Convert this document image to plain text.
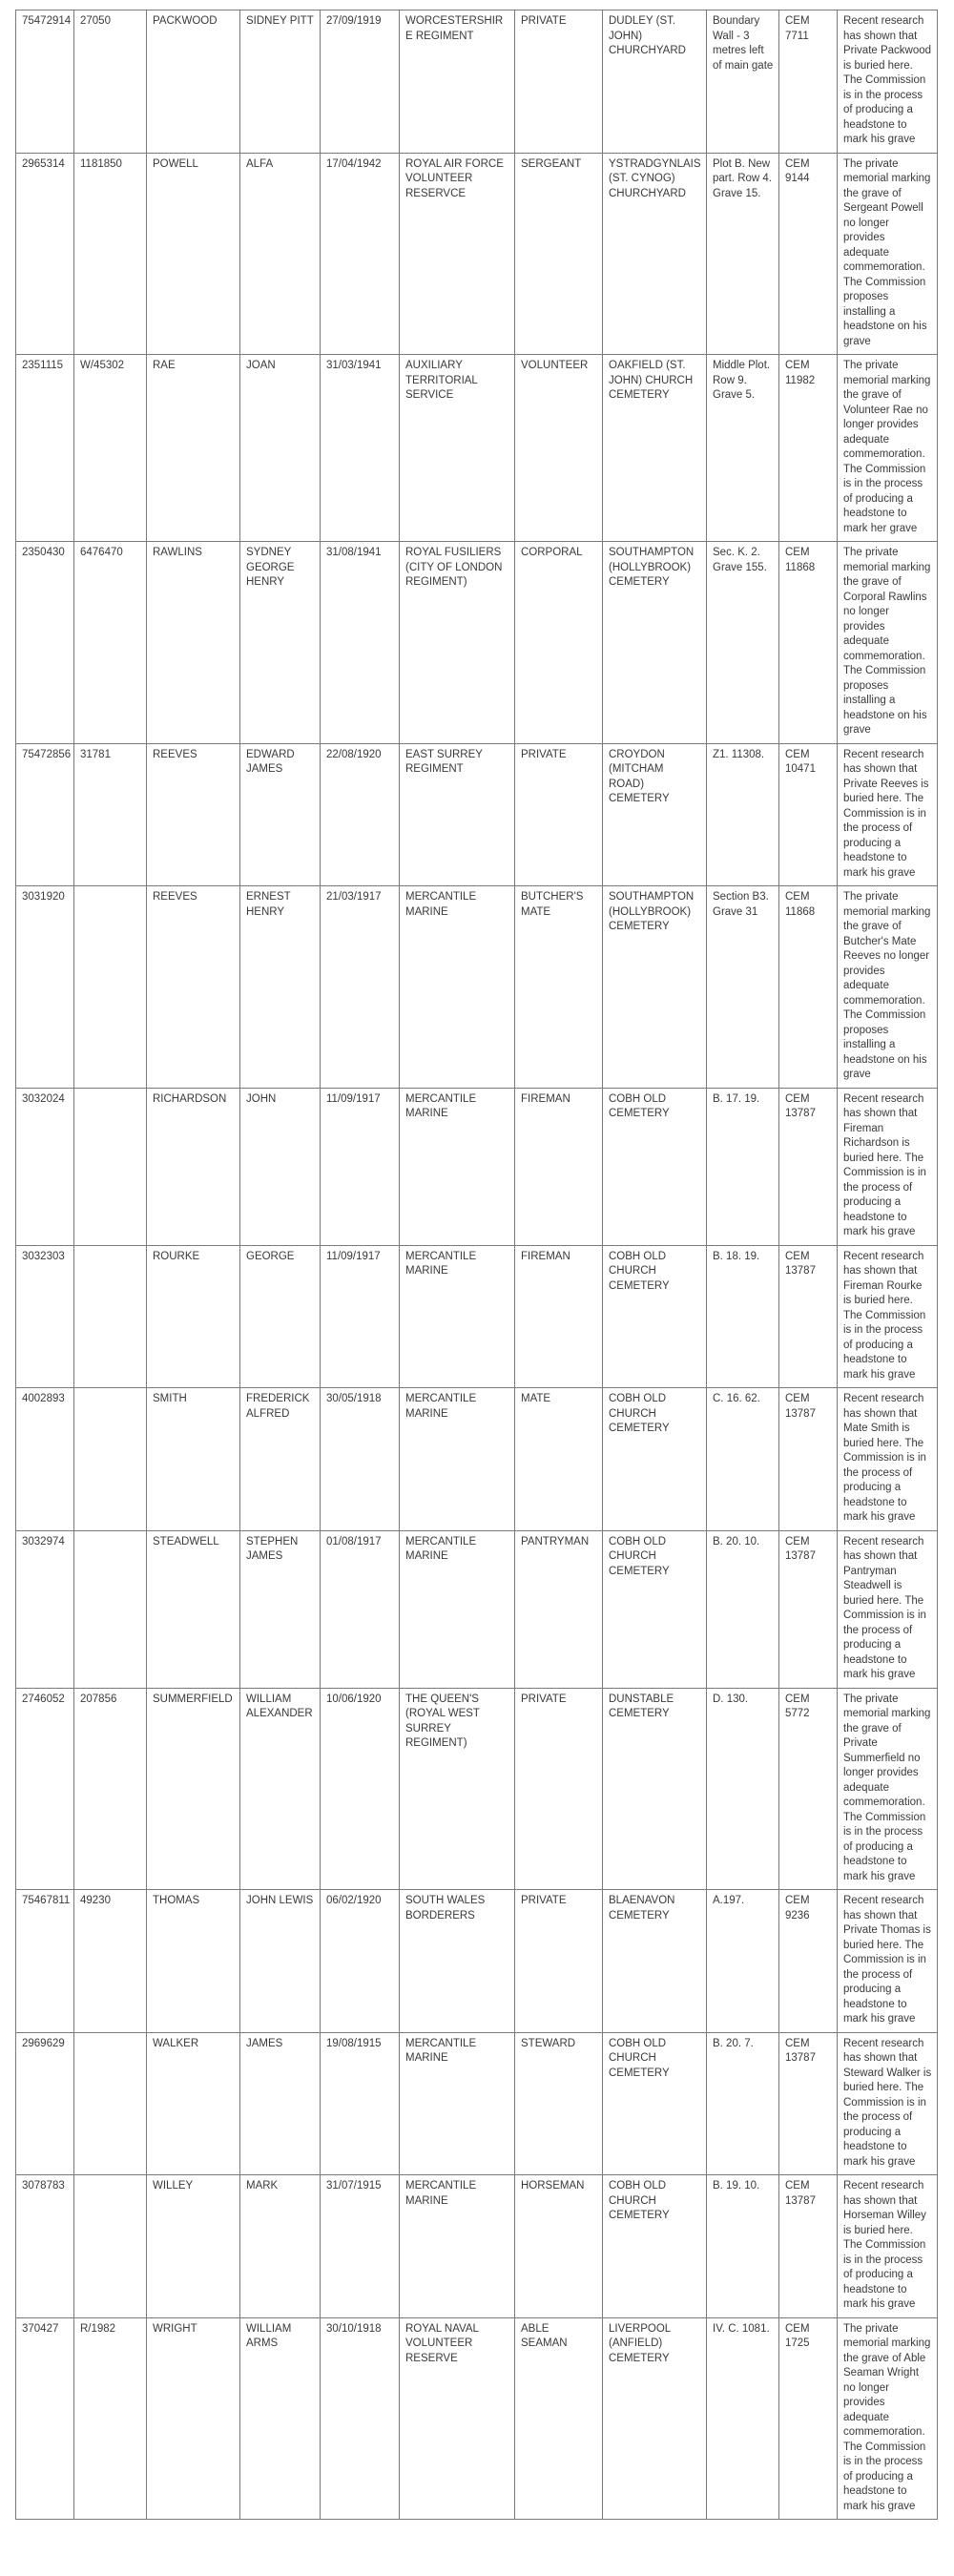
75472914	27050	PACKWOOD	SIDNEY PITT	27/09/1919	WORCESTERSHIRE REGIMENT	PRIVATE	DUDLEY (ST. JOHN) CHURCHYARD	Boundary Wall - 3 metres left of main gate	CEM 7711	Recent research has shown that Private Packwood is buried here. The Commission is in the process of producing a headstone to mark his grave
2965314	1181850	POWELL	ALFA	17/04/1942	ROYAL AIR FORCE VOLUNTEER RESERVCE	SERGEANT	YSTRADGYNLAIS (ST. CYNOG) CHURCHYARD	Plot B. New part. Row 4. Grave 15.	CEM 9144	The private memorial marking the grave of Sergeant Powell no longer provides adequate commemoration. The Commission proposes installing a headstone on his grave
2351115	W/45302	RAE	JOAN	31/03/1941	AUXILIARY TERRITORIAL SERVICE	VOLUNTEER	OAKFIELD (ST. JOHN) CHURCH CEMETERY	Middle Plot. Row 9. Grave 5.	CEM 11982	The private memorial marking the grave of Volunteer Rae no longer provides adequate commemoration. The Commission is in the process of producing a headstone to mark her grave
2350430	6476470	RAWLINS	SYDNEY GEORGE HENRY	31/08/1941	ROYAL FUSILIERS (CITY OF LONDON REGIMENT)	CORPORAL	SOUTHAMPTON (HOLLYBROOK) CEMETERY	Sec. K. 2. Grave 155.	CEM 11868	The private memorial marking the grave of Corporal Rawlins no longer provides adequate commemoration. The Commission proposes installing a headstone on his grave
75472856	31781	REEVES	EDWARD JAMES	22/08/1920	EAST SURREY REGIMENT	PRIVATE	CROYDON (MITCHAM ROAD) CEMETERY	Z1. 11308.	CEM 10471	Recent research has shown that Private Reeves is buried here. The Commission is in the process of producing a headstone to mark his grave
3031920		REEVES	ERNEST HENRY	21/03/1917	MERCANTILE MARINE	BUTCHER'S MATE	SOUTHAMPTON (HOLLYBROOK) CEMETERY	Section B3. Grave 31	CEM 11868	The private memorial marking the grave of Butcher's Mate Reeves no longer provides adequate commemoration. The Commission proposes installing a headstone on his grave
3032024		RICHARDSON	JOHN	11/09/1917	MERCANTILE MARINE	FIREMAN	COBH OLD CEMETERY	B. 17. 19.	CEM 13787	Recent research has shown that Fireman Richardson is buried here. The Commission is in the process of producing a headstone to mark his grave
3032303		ROURKE	GEORGE	11/09/1917	MERCANTILE MARINE	FIREMAN	COBH OLD CHURCH CEMETERY	B. 18. 19.	CEM 13787	Recent research has shown that Fireman Rourke is buried here. The Commission is in the process of producing a headstone to mark his grave
4002893		SMITH	FREDERICK ALFRED	30/05/1918	MERCANTILE MARINE	MATE	COBH OLD CHURCH CEMETERY	C. 16. 62.	CEM 13787	Recent research has shown that Mate Smith is buried here. The Commission is in the process of producing a headstone to mark his grave
3032974		STEADWELL	STEPHEN JAMES	01/08/1917	MERCANTILE MARINE	PANTRYMAN	COBH OLD CHURCH CEMETERY	B. 20. 10.	CEM 13787	Recent research has shown that Pantryman Steadwell is buried here. The Commission is in the process of producing a headstone to mark his grave
2746052	207856	SUMMERFIELD	WILLIAM ALEXANDER	10/06/1920	THE QUEEN'S (ROYAL WEST SURREY REGIMENT)	PRIVATE	DUNSTABLE CEMETERY	D. 130.	CEM 5772	The private memorial marking the grave of Private Summerfield no longer provides adequate commemoration. The Commission is in the process of producing a headstone to mark his grave
75467811	49230	THOMAS	JOHN LEWIS	06/02/1920	SOUTH WALES BORDERERS	PRIVATE	BLAENAVON CEMETERY	A.197.	CEM 9236	Recent research has shown that Private Thomas is buried here. The Commission is in the process of producing a headstone to mark his grave
2969629		WALKER	JAMES	19/08/1915	MERCANTILE MARINE	STEWARD	COBH OLD CHURCH CEMETERY	B. 20. 7.	CEM 13787	Recent research has shown that Steward Walker is buried here. The Commission is in the process of producing a headstone to mark his grave
3078783		WILLEY	MARK	31/07/1915	MERCANTILE MARINE	HORSEMAN	COBH OLD CHURCH CEMETERY	B. 19. 10.	CEM 13787	Recent research has shown that Horseman Willey is buried here. The Commission is in the process of producing a headstone to mark his grave
370427	R/1982	WRIGHT	WILLIAM ARMS	30/10/1918	ROYAL NAVAL VOLUNTEER RESERVE	ABLE SEAMAN	LIVERPOOL (ANFIELD) CEMETERY	IV. C. 1081.	CEM 1725	The private memorial marking the grave of Able Seaman Wright no longer provides adequate commemoration. The Commission is in the process of producing a headstone to mark his grave
